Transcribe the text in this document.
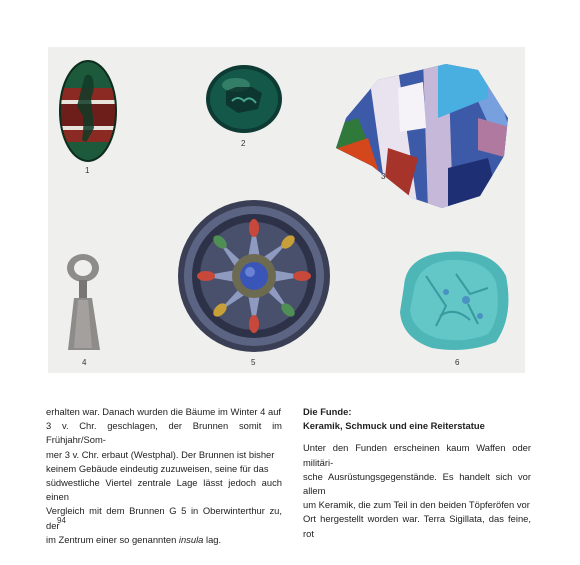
1
2
3
4	5	6

erhalten war. Danach wurden die Bäume im Winter 4 auf

3 v. Chr. geschlagen, der Brunnen somit im Frühjahr/Som-

mer 3 v. Chr. erbaut (Westphal). Der Brunnen ist bisher

keinem Gebäude eindeutig zuzuweisen, seine für das

südwestliche Viertel zentrale Lage lässt jedoch auch einen

Vergleich mit dem Brunnen G 5 in Oberwinterthur zu, der

im Zentrum einer so genannten insula lag.

Die Funde:

Keramik, Schmuck und eine Reiterstatue

Unter den Funden erscheinen kaum Waffen oder militäri-

sche Ausrüstungsgegenstände. Es handelt sich vor allem

um Keramik, die zum Teil in den beiden Töpferöfen vor

Ort hergestellt worden war. Terra Sigillata, das feine, rot

94
